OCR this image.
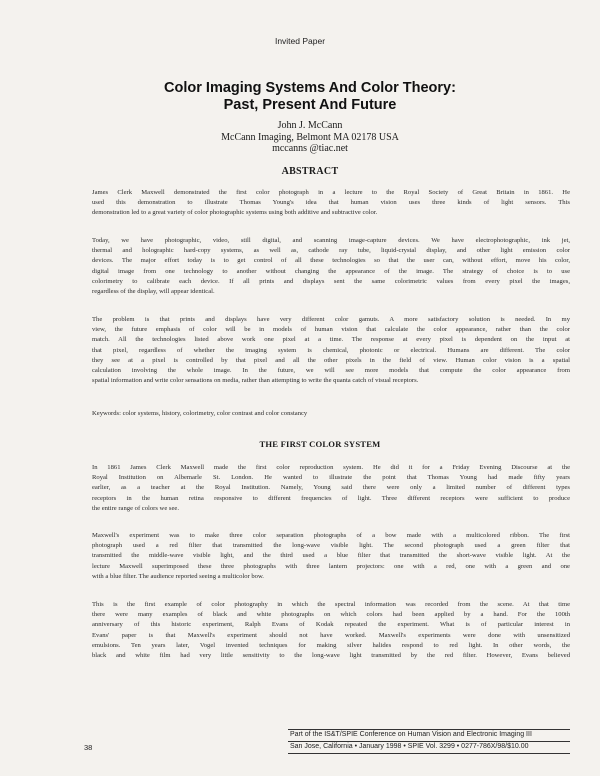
Invited Paper
Color Imaging Systems And Color Theory:
Past, Present And Future
John J. McCann
McCann Imaging, Belmont MA 02178 USA
mccanns @tiac.net
ABSTRACT
James Clerk Maxwell demonstrated the first color photograph in a lecture to the Royal Society of Great Britain in 1861. He
used this demonstration to illustrate Thomas Young's idea that human vision uses three kinds of light sensors. This
demonstration led to a great variety of color photographic systems using both additive and subtractive color.
Today, we have photographic, video, still digital, and scanning image-capture devices. We have electrophotographic, ink jet,
thermal and holographic hard-copy systems, as well as, cathode ray tube, liquid-crystal display, and other light emission color
devices. The major effort today is to get control of all these technologies so that the user can, without effort, move his color,
digital image from one technology to another without changing the appearance of the image. The strategy of choice is to use
colorimetry to calibrate each device. If all prints and displays sent the same colorimetric values from every pixel the images,
regardless of the display, will appear identical.
The problem is that prints and displays have very different color gamuts. A more satisfactory solution is needed. In my
view, the future emphasis of color will be in models of human vision that calculate the color appearance, rather than the color
match. All the technologies listed above work one pixel at a time. The response at every pixel is dependent on the input at
that pixel, regardless of whether the imaging system is chemical, photonic or electrical. Humans are different. The color
they see at a pixel is controlled by that pixel and all the other pixels in the field of view. Human color vision is a spatial
calculation involving the whole image. In the future, we will see more models that compute the color appearance from
spatial information and write color sensations on media, rather than attempting to write the quanta catch of visual receptors.
Keywords: color systems, history, colorimetry, color contrast and color constancy
THE FIRST COLOR SYSTEM
In 1861 James Clerk Maxwell made the first color reproduction system. He did it for a Friday Evening Discourse at the
Royal Institution on Albemarle St. London. He wanted to illustrate the point that Thomas Young had made fifty years
earlier, as a teacher at the Royal Institution. Namely, Young said there were only a limited number of different types
receptors in the human retina responsive to different frequencies of light. Three different receptors were sufficient to produce
the entire range of colors we see.
Maxwell's experiment was to make three color separation photographs of a bow made with a multicolored ribbon. The first
photograph used a red filter that transmitted the long-wave visible light. The second photograph used a green filter that
transmitted the middle-wave visible light, and the third used a blue filter that transmitted the short-wave visible light. At the
lecture Maxwell superimposed these three photographs with three lantern projectors: one with a red, one with a green and one
with a blue filter. The audience reported seeing a multicolor bow.
This is the first example of color photography in which the spectral information was recorded from the scene. At that time
there were many examples of black and white photographs on which colors had been applied by a hand. For the 100th
anniversary of this historic experiment, Ralph Evans of Kodak repeated the experiment. What is of particular interest in
Evans' paper is that Maxwell's experiment should not have worked. Maxwell's experiments were done with unsensitized
emulsions. Ten years later, Vogel invented techniques for making silver halides respond to red light. In other words, the
black and white film had very little sensitivity to the long-wave light transmitted by the red filter. However, Evans believed
Part of the IS&T/SPIE Conference on Human Vision and Electronic Imaging III
San Jose, California • January 1998 • SPIE Vol. 3299 • 0277-786X/98/$10.00
38
